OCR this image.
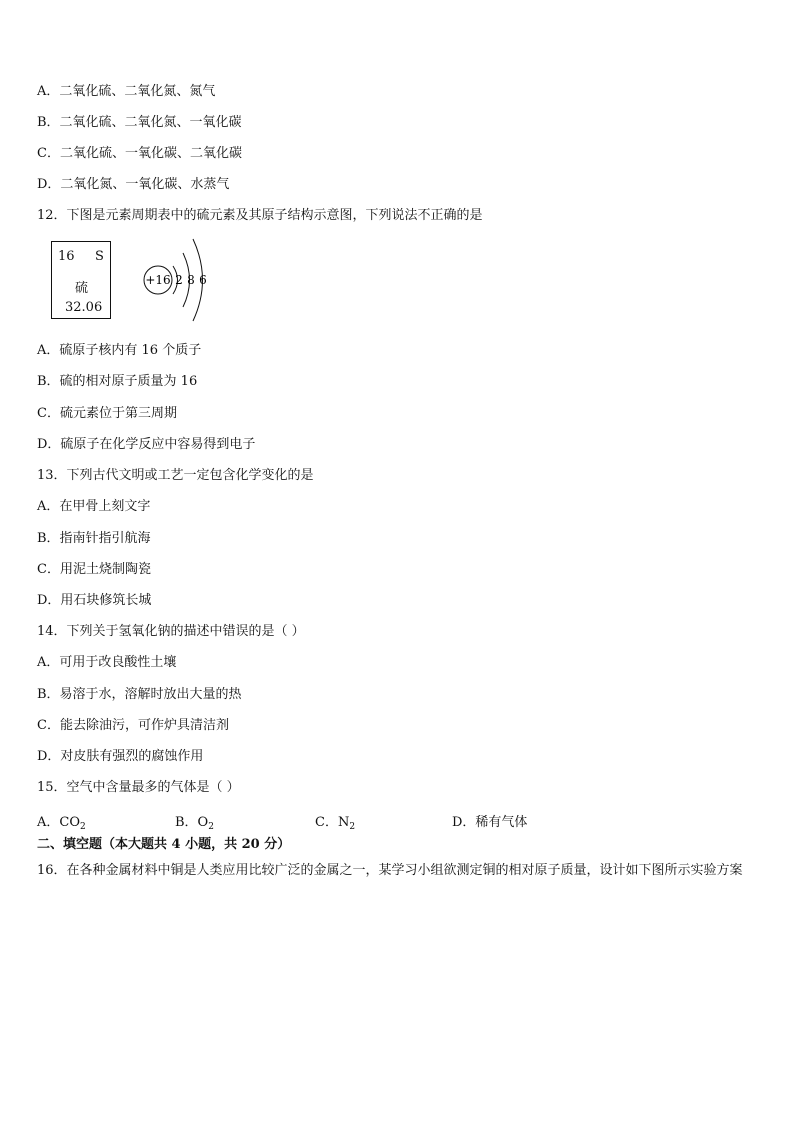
A．二氧化硫、二氧化氮、氮气
B．二氧化硫、二氧化氮、一氧化碳
C．二氧化硫、一氧化碳、二氧化碳
D．二氧化氮、一氧化碳、水蒸气
12．下图是元素周期表中的硫元素及其原子结构示意图，下列说法不正确的是
16 S
硫
32.06
+16 2 8 6
A．硫原子核内有 16 个质子
B．硫的相对原子质量为 16
C．硫元素位于第三周期
D．硫原子在化学反应中容易得到电子
13．下列古代文明或工艺一定包含化学变化的是
A．在甲骨上刻文字
B．指南针指引航海
C．用泥土烧制陶瓷
D．用石块修筑长城
14．下列关于氢氧化钠的描述中错误的是（ ）
A．可用于改良酸性土壤
B．易溶于水，溶解时放出大量的热
C．能去除油污，可作炉具清洁剂
D．对皮肤有强烈的腐蚀作用
15．空气中含量最多的气体是（ ）
A．$CO_2$	B．$O_2$	C．$N_2$	D．稀有气体
二、填空题（本大题共 4 小题，共 20 分）
16．在各种金属材料中铜是人类应用比较广泛的金属之一，某学习小组欲测定铜的相对原子质量，设计如下图所示实验方案
